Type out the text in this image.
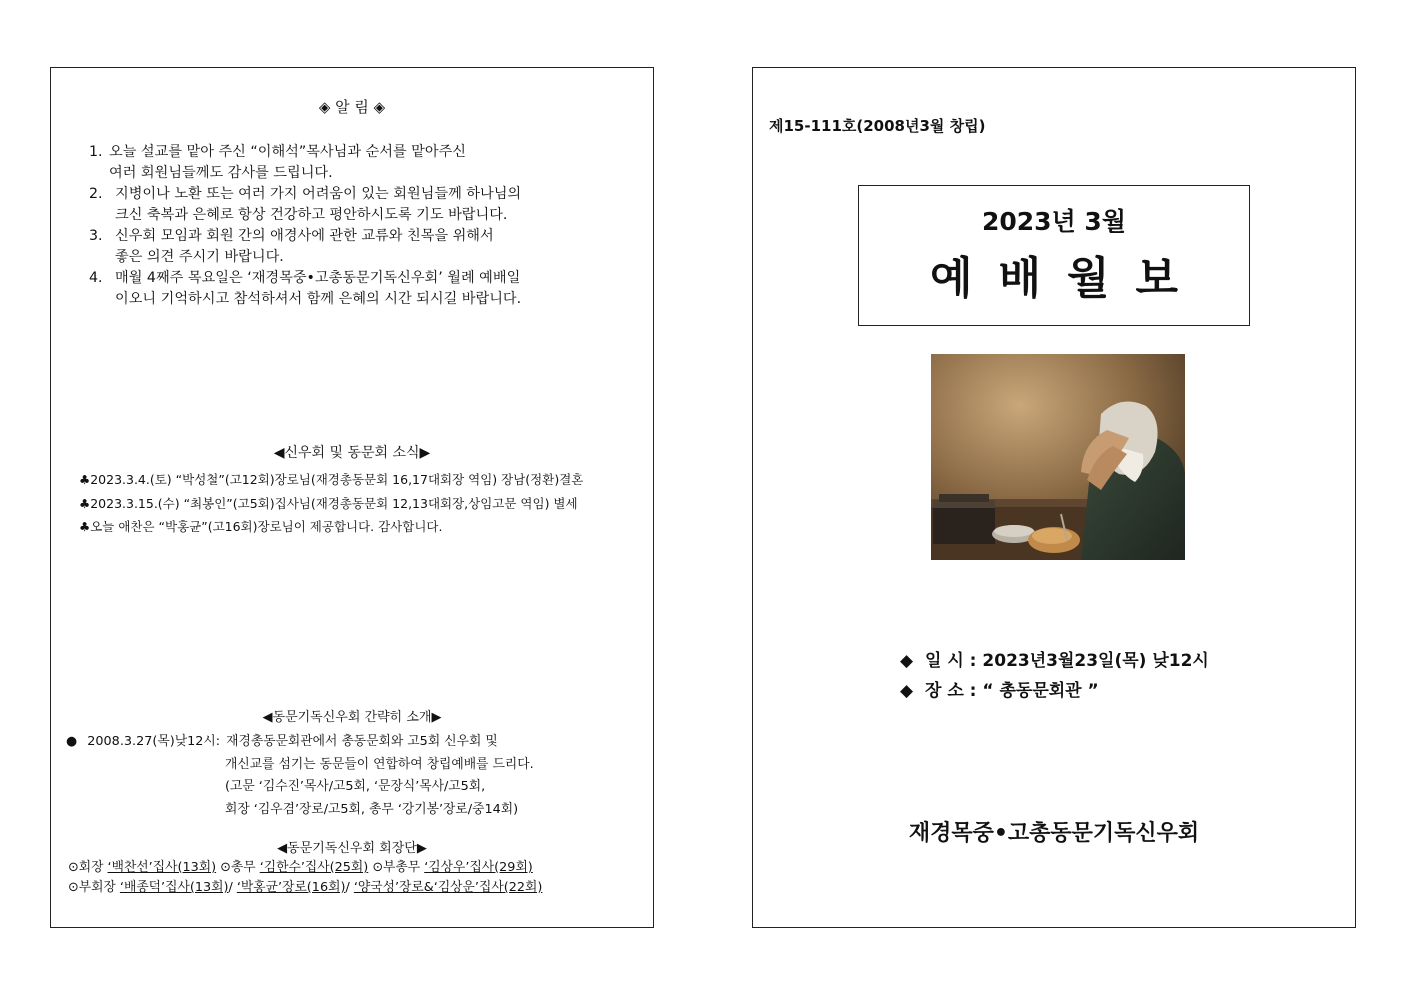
◈ 알 림 ◈
1. 오늘 설교를 맡아 주신 “이해석”목사님과 순서를 맡아주신
여러 회원님들께도 감사를 드립니다.
2. 지병이나 노환 또는 여러 가지 어려움이 있는 회원님들께 하나님의
크신 축복과 은혜로 항상 건강하고 평안하시도록 기도 바랍니다.
3. 신우회 모임과 회원 간의 애경사에 관한 교류와 친목을 위해서
좋은 의견 주시기 바랍니다.
4. 매월 4째주 목요일은 ‘재경목중•고총동문기독신우회’ 월례 예배일
이오니 기억하시고 참석하셔서 함께 은혜의 시간 되시길 바랍니다.
◀신우회 및 동문회 소식▶
♣2023.3.4.(토) “박성철”(고12회)장로님(재경총동문회 16,17대회장 역임) 장남(정환)결혼
♣2023.3.15.(수) “최봉인”(고5회)집사님(재경총동문회 12,13대회장,상임고문 역임) 별세
♣오늘 애찬은 “박홍균”(고16회)장로님이 제공합니다. 감사합니다.
◀동문기독신우회 간략히 소개▶
● 2008.3.27(목)낮12시: 재경총동문회관에서 총동문회와 고5회 신우회 및
개신교를 섬기는 동문들이 연합하여 창립예배를 드리다.
(고문 ‘김수진’목사/고5회, ‘문장식’목사/고5회,
회장 ‘김우겸’장로/고5회, 총무 ‘강기봉’장로/중14회)
◀동문기독신우회 회장단▶
⊙회장 ‘백찬선’집사(13회) ⊙총무 ‘김한수’집사(25회) ⊙부총무 ‘김상우’집사(29회)
⊙부회장 ‘배종덕’집사(13회)/ ‘박홍균’장로(16회)/ ‘양국성’장로&‘김상운’집사(22회)
제15-111호(2008년3월 창립)
2023년 3월
예배월보
◆ 일 시 : 2023년3월23일(목) 낮12시
◆ 장 소 : “ 총동문회관 ”
재경목중•고총동문기독신우회
